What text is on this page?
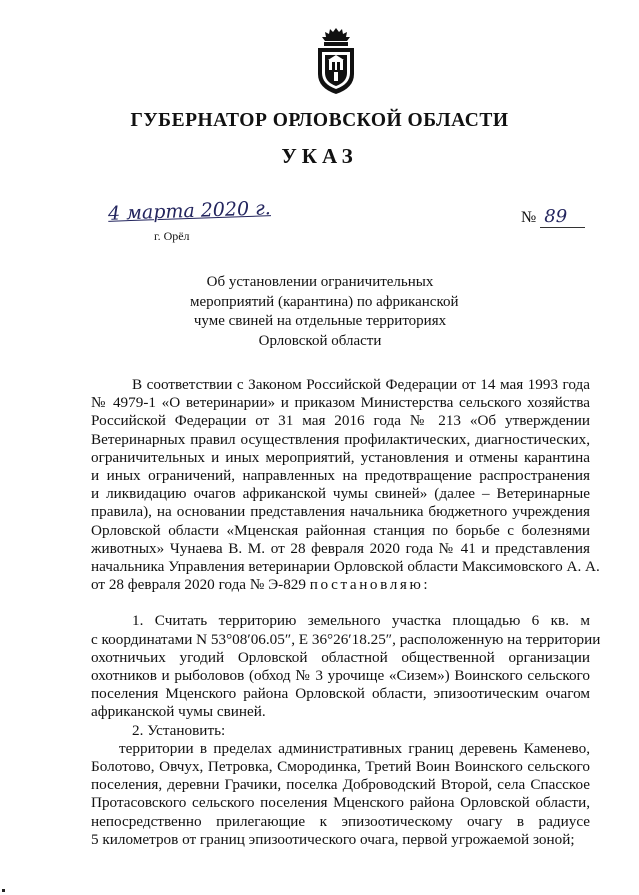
ГУБЕРНАТОР ОРЛОВСКОЙ ОБЛАСТИ
УКАЗ
4 марта 2020 г.
г. Орёл
№ 89
Об установлении ограничительных
мероприятий (карантина) по африканской
чуме свиней на отдельные территориях
Орловской области
В соответствии с Законом Российской Федерации от 14 мая 1993 года
№ 4979-1 «О ветеринарии» и приказом Министерства сельского хозяйства
Российской Федерации от 31 мая 2016 года № 213 «Об утверждении
Ветеринарных правил осуществления профилактических, диагностических,
ограничительных и иных мероприятий, установления и отмены карантина
и иных ограничений, направленных на предотвращение распространения
и ликвидацию очагов африканской чумы свиней» (далее – Ветеринарные
правила), на основании представления начальника бюджетного учреждения
Орловской области «Мценская районная станция по борьбе с болезнями
животных» Чунаева В. М. от 28 февраля 2020 года № 41 и представления
начальника Управления ветеринарии Орловской области Максимовского А. А.
от 28 февраля 2020 года № Э-829 постановляю:
1. Считать территорию земельного участка площадью 6 кв. м
с координатами N 53°08′06.05″, E 36°26′18.25″, расположенную на территории
охотничьих угодий Орловской областной общественной организации
охотников и рыболовов (обход № 3 урочище «Сизем») Воинского сельского
поселения Мценского района Орловской области, эпизоотическим очагом
африканской чумы свиней.
2. Установить:
территории в пределах административных границ деревень Каменево,
Болотово, Овчух, Петровка, Смородинка, Третий Воин Воинского сельского
поселения, деревни Грачики, поселка Доброводский Второй, села Спасское
Протасовского сельского поселения Мценского района Орловской области,
непосредственно прилегающие к эпизоотическому очагу в радиусе
5 километров от границ эпизоотического очага, первой угрожаемой зоной;
